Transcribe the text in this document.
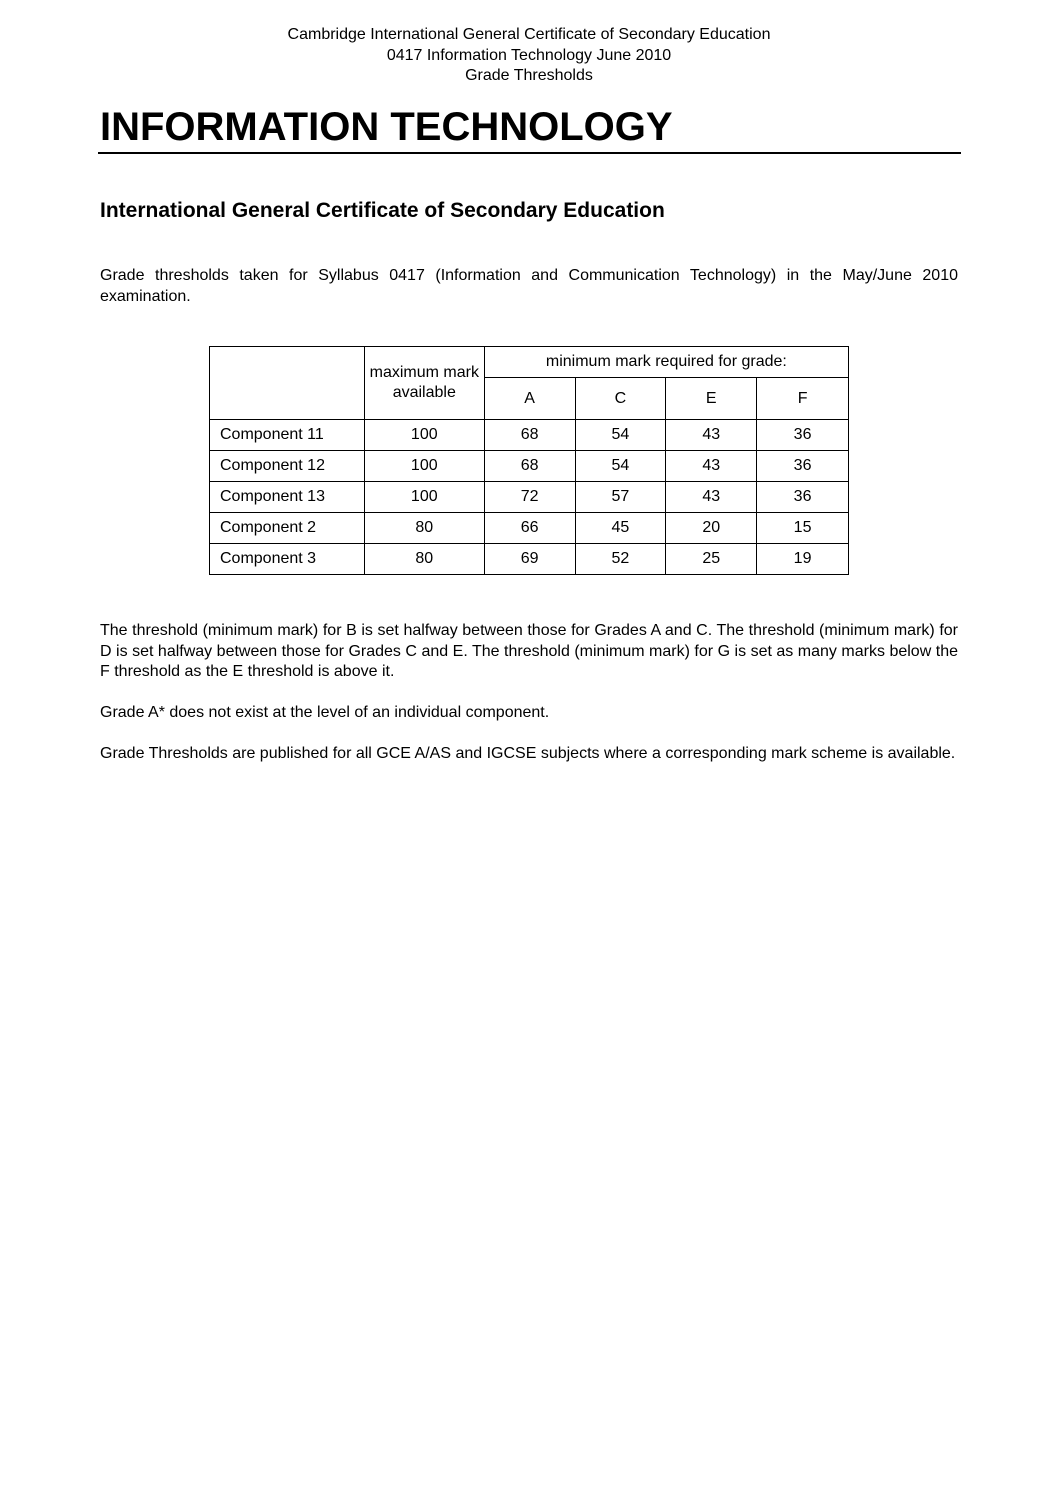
Cambridge International General Certificate of Secondary Education
0417 Information Technology June 2010
Grade Thresholds
INFORMATION TECHNOLOGY
International General Certificate of Secondary Education

Grade thresholds taken for Syllabus 0417 (Information and Communication Technology) in the May/June 2010 examination.

	maximum mark available	minimum mark required for grade:			
		A	C	E	F
Component 11	100	68	54	43	36
Component 12	100	68	54	43	36
Component 13	100	72	57	43	36
Component 2	80	66	45	20	15
Component 3	80	69	52	25	19

The threshold (minimum mark) for B is set halfway between those for Grades A and C. The threshold (minimum mark) for D is set halfway between those for Grades C and E. The threshold (minimum mark) for G is set as many marks below the F threshold as the E threshold is above it.

Grade A* does not exist at the level of an individual component.

Grade Thresholds are published for all GCE A/AS and IGCSE subjects where a corresponding mark scheme is available.
